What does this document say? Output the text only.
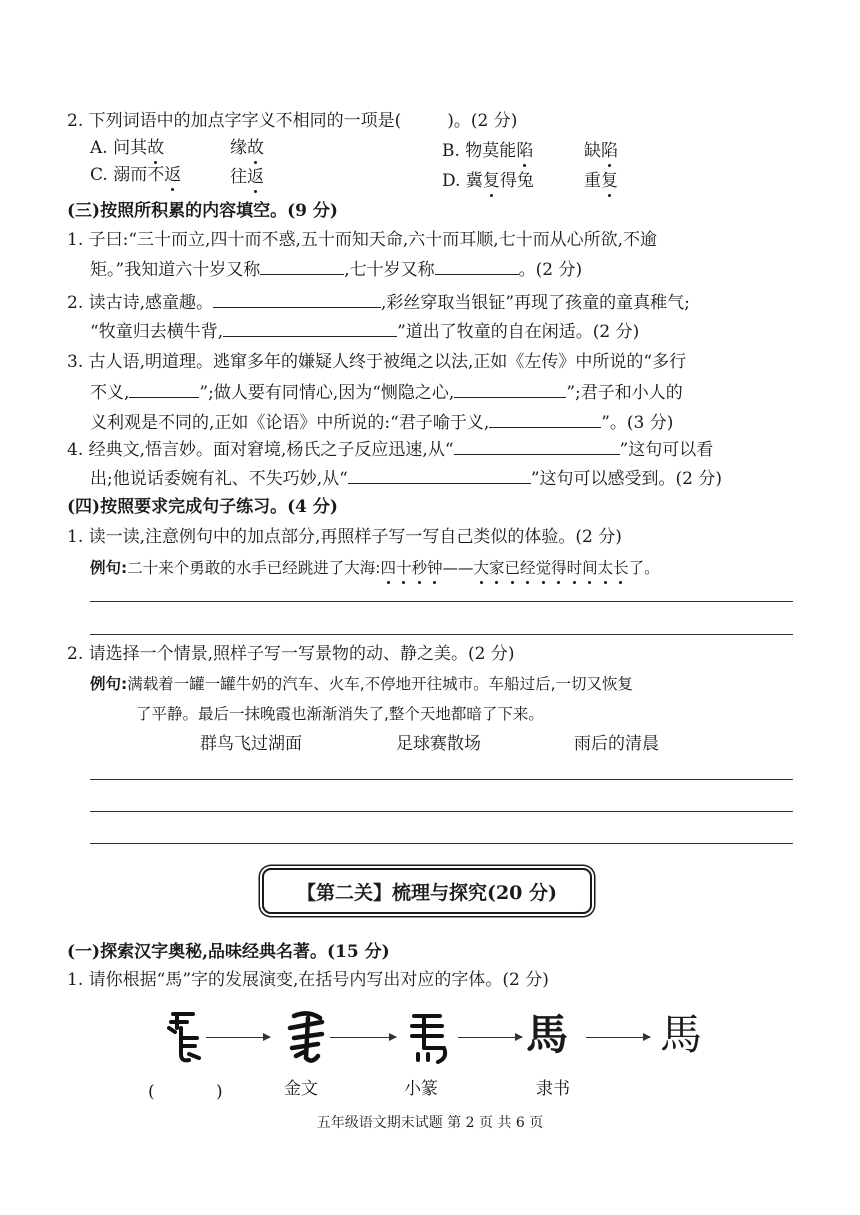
2. 下列词语中的加点字字义不相同的一项是(	)。(2 分)
A. 问其故	缘故	B. 物莫能陷	缺陷
C. 溺而不返	往返	D. 冀复得兔	重复
(三)按照所积累的内容填空。(9 分)
1. 子曰:“三十而立,四十而不惑,五十而知天命,六十而耳顺,七十而从心所欲,不逾
矩。”我知道六十岁又称	,七十岁又称	。(2 分)
2. 读古诗,感童趣。	,彩丝穿取当银钲”再现了孩童的童真稚气;
“牧童归去横牛背,	”道出了牧童的自在闲适。(2 分)
3. 古人语,明道理。逃窜多年的嫌疑人终于被绳之以法,正如《左传》中所说的“多行
不义,	”;做人要有同情心,因为“恻隐之心,	”;君子和小人的
义利观是不同的,正如《论语》中所说的:“君子喻于义,	”。(3 分)
4. 经典文,悟言妙。面对窘境,杨氏之子反应迅速,从“	”这句可以看
出;他说话委婉有礼、不失巧妙,从“	”这句可以感受到。(2 分)
(四)按照要求完成句子练习。(4 分)
1. 读一读,注意例句中的加点部分,再照样子写一写自己类似的体验。(2 分)
例句:二十来个勇敢的水手已经跳进了大海:四十秒钟——大家已经觉得时间太长了。
2. 请选择一个情景,照样子写一写景物的动、静之美。(2 分)
例句:满载着一罐一罐牛奶的汽车、火车,不停地开往城市。车船过后,一切又恢复
了平静。最后一抹晚霞也渐渐消失了,整个天地都暗了下来。
群鸟飞过湖面	足球赛散场	雨后的清晨
【第二关】梳理与探究(20 分)
(一)探索汉字奥秘,品味经典名著。(15 分)
1. 请你根据“馬”字的发展演变,在括号内写出对应的字体。(2 分)
馬 馬
(	)	金文	小篆	隶书
五年级语文期末试题 第 2 页 共 6 页
